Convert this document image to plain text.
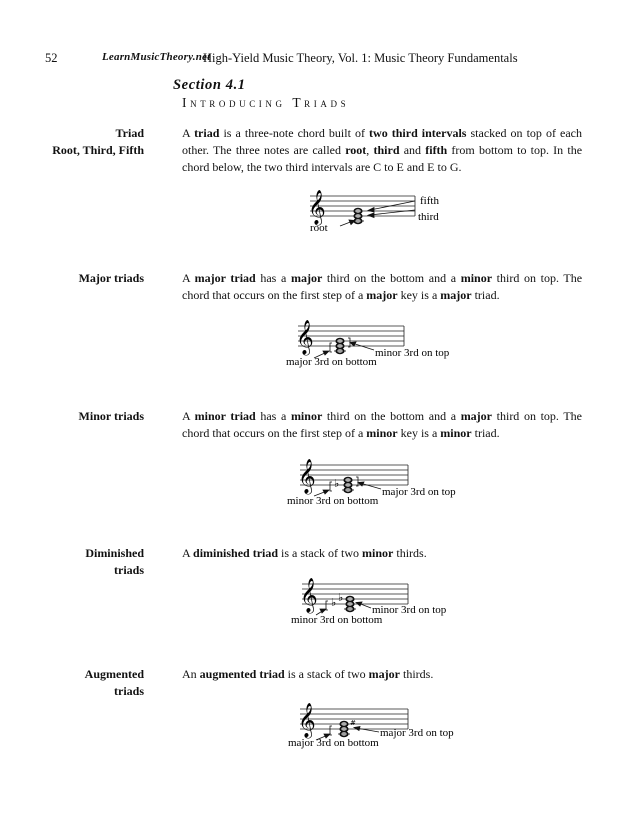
52	LearnMusicTheory.net
High-Yield Music Theory, Vol. 1: Music Theory Fundamentals
Section 4.1
Introducing Triads
Triad
Root, Third, Fifth
A triad is a three-note chord built of two third intervals stacked on top of each other. The three notes are called root, third and fifth from bottom to top. In the chord below, the two third intervals are C to E and E to G.
𝄞	fifth
third
root
Major triads	A major triad has a major third on the bottom and a minor third on top. The chord that occurs on the first step of a major key is a major triad.
𝄞	minor 3rd on top
major 3rd on bottom
Minor triads	A minor triad has a minor third on the bottom and a major third on top. The chord that occurs on the first step of a minor key is a minor triad.
𝄞 ♭
major 3rd on top
minor 3rd on bottom
Diminished
triads
A diminished triad is a stack of two minor thirds.
𝄞 ♭ ♭
minor 3rd on top
minor 3rd on bottom
Augmented
triads
An augmented triad is a stack of two major thirds.
𝄞	#
major 3rd on top
major 3rd on bottom
